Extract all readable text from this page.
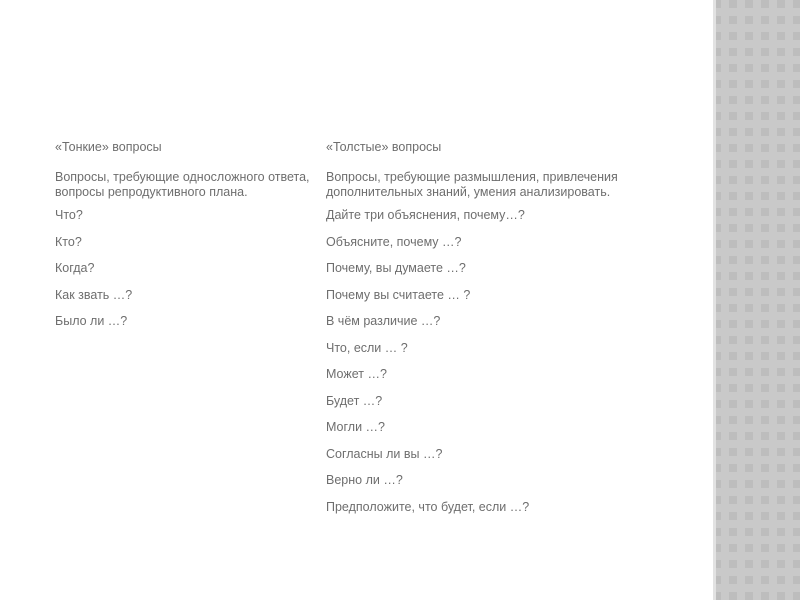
«Тонкие» вопросы

Вопросы, требующие односложного ответа, вопросы репродуктивного плана.

Что?

Кто?

Когда?

Как звать …?

Было ли …?

«Толстые» вопросы

Вопросы, требующие размышления, привлечения дополнительных знаний, умения анализировать.

Дайте три объяснения, почему…?

Объясните, почему …?

Почему, вы думаете …?

Почему вы считаете … ?

В чём различие …?

Что, если … ?

Может …?

Будет …?

Могли …?

Согласны ли вы …?

Верно ли …?

Предположите, что будет, если …?
